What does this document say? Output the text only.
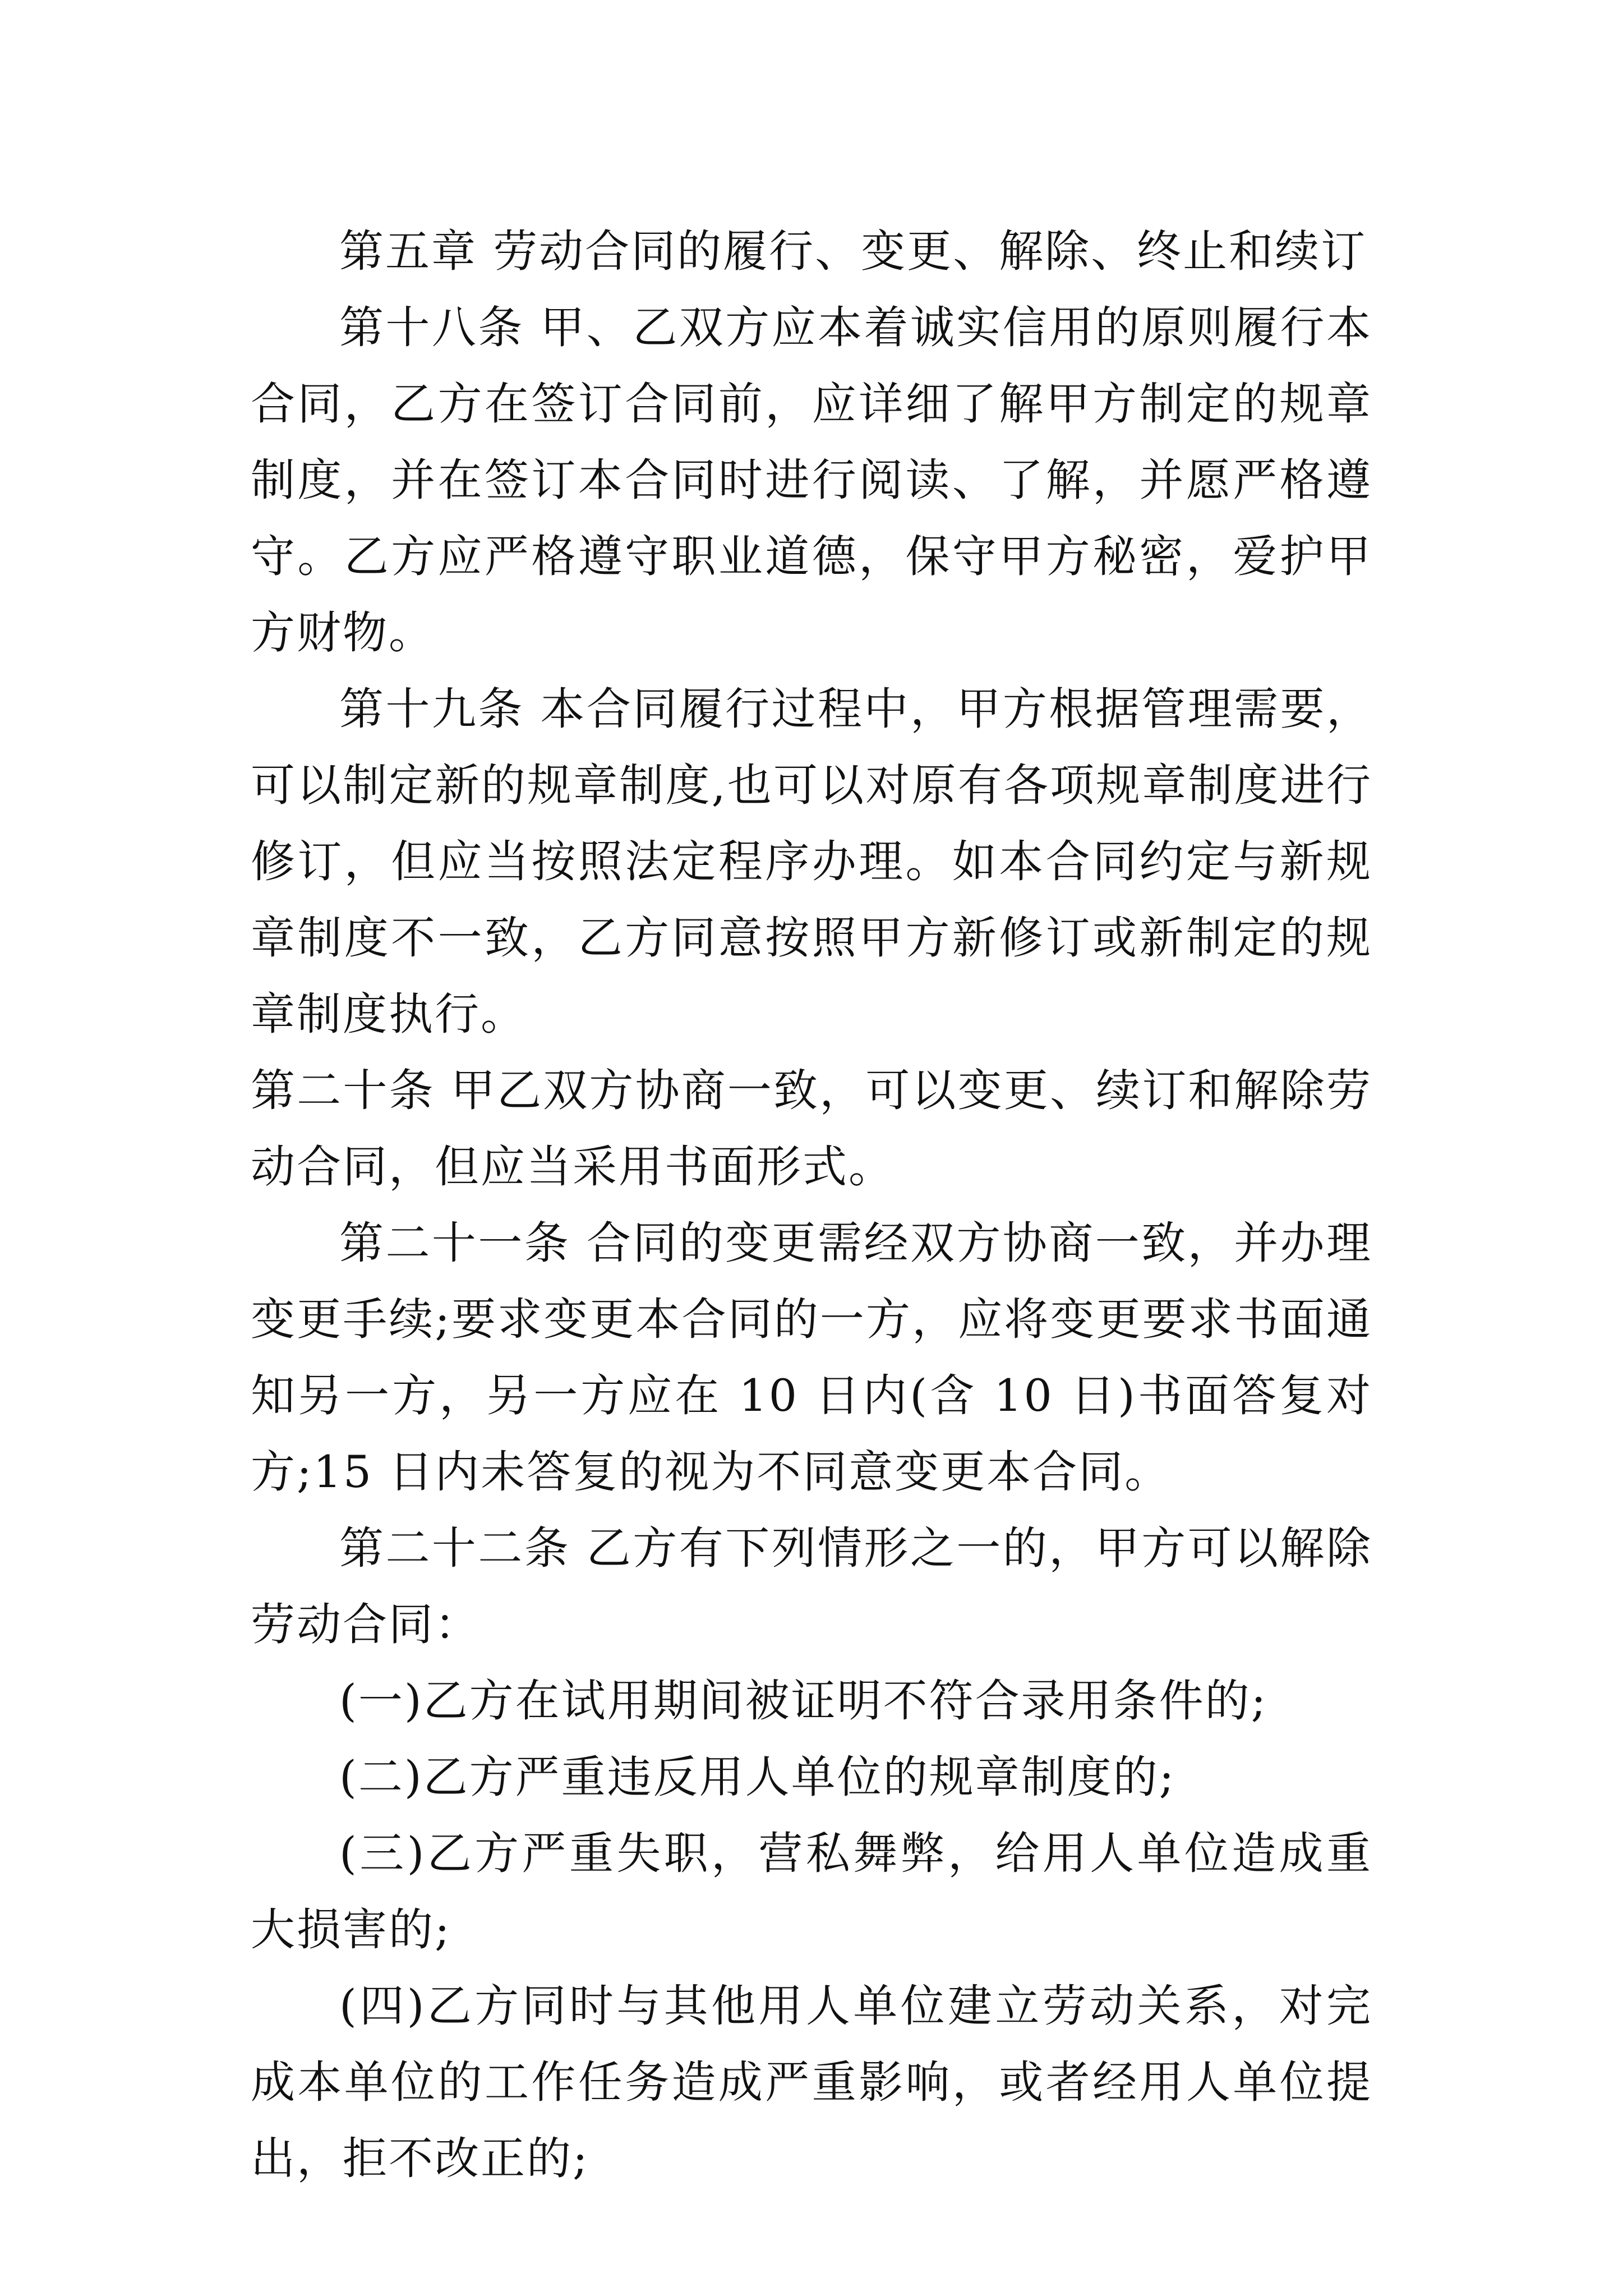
第五章 劳动合同的履行、变更、解除、终止和续订

第十八条 甲、乙双方应本着诚实信用的原则履行本合同，乙方在签订合同前，应详细了解甲方制定的规章制度，并在签订本合同时进行阅读、了解，并愿严格遵守。乙方应严格遵守职业道德，保守甲方秘密，爱护甲方财物。

第十九条 本合同履行过程中，甲方根据管理需要，可以制定新的规章制度,也可以对原有各项规章制度进行修订，但应当按照法定程序办理。如本合同约定与新规章制度不一致，乙方同意按照甲方新修订或新制定的规章制度执行。

第二十条 甲乙双方协商一致，可以变更、续订和解除劳动合同，但应当采用书面形式。

第二十一条 合同的变更需经双方协商一致，并办理变更手续;要求变更本合同的一方，应将变更要求书面通知另一方，另一方应在 10 日内(含 10 日)书面答复对方;15 日内未答复的视为不同意变更本合同。

第二十二条 乙方有下列情形之一的，甲方可以解除劳动合同：

(一)乙方在试用期间被证明不符合录用条件的;

(二)乙方严重违反用人单位的规章制度的;

(三)乙方严重失职，营私舞弊，给用人单位造成重大损害的;

(四)乙方同时与其他用人单位建立劳动关系，对完成本单位的工作任务造成严重影响，或者经用人单位提出，拒不改正的;
